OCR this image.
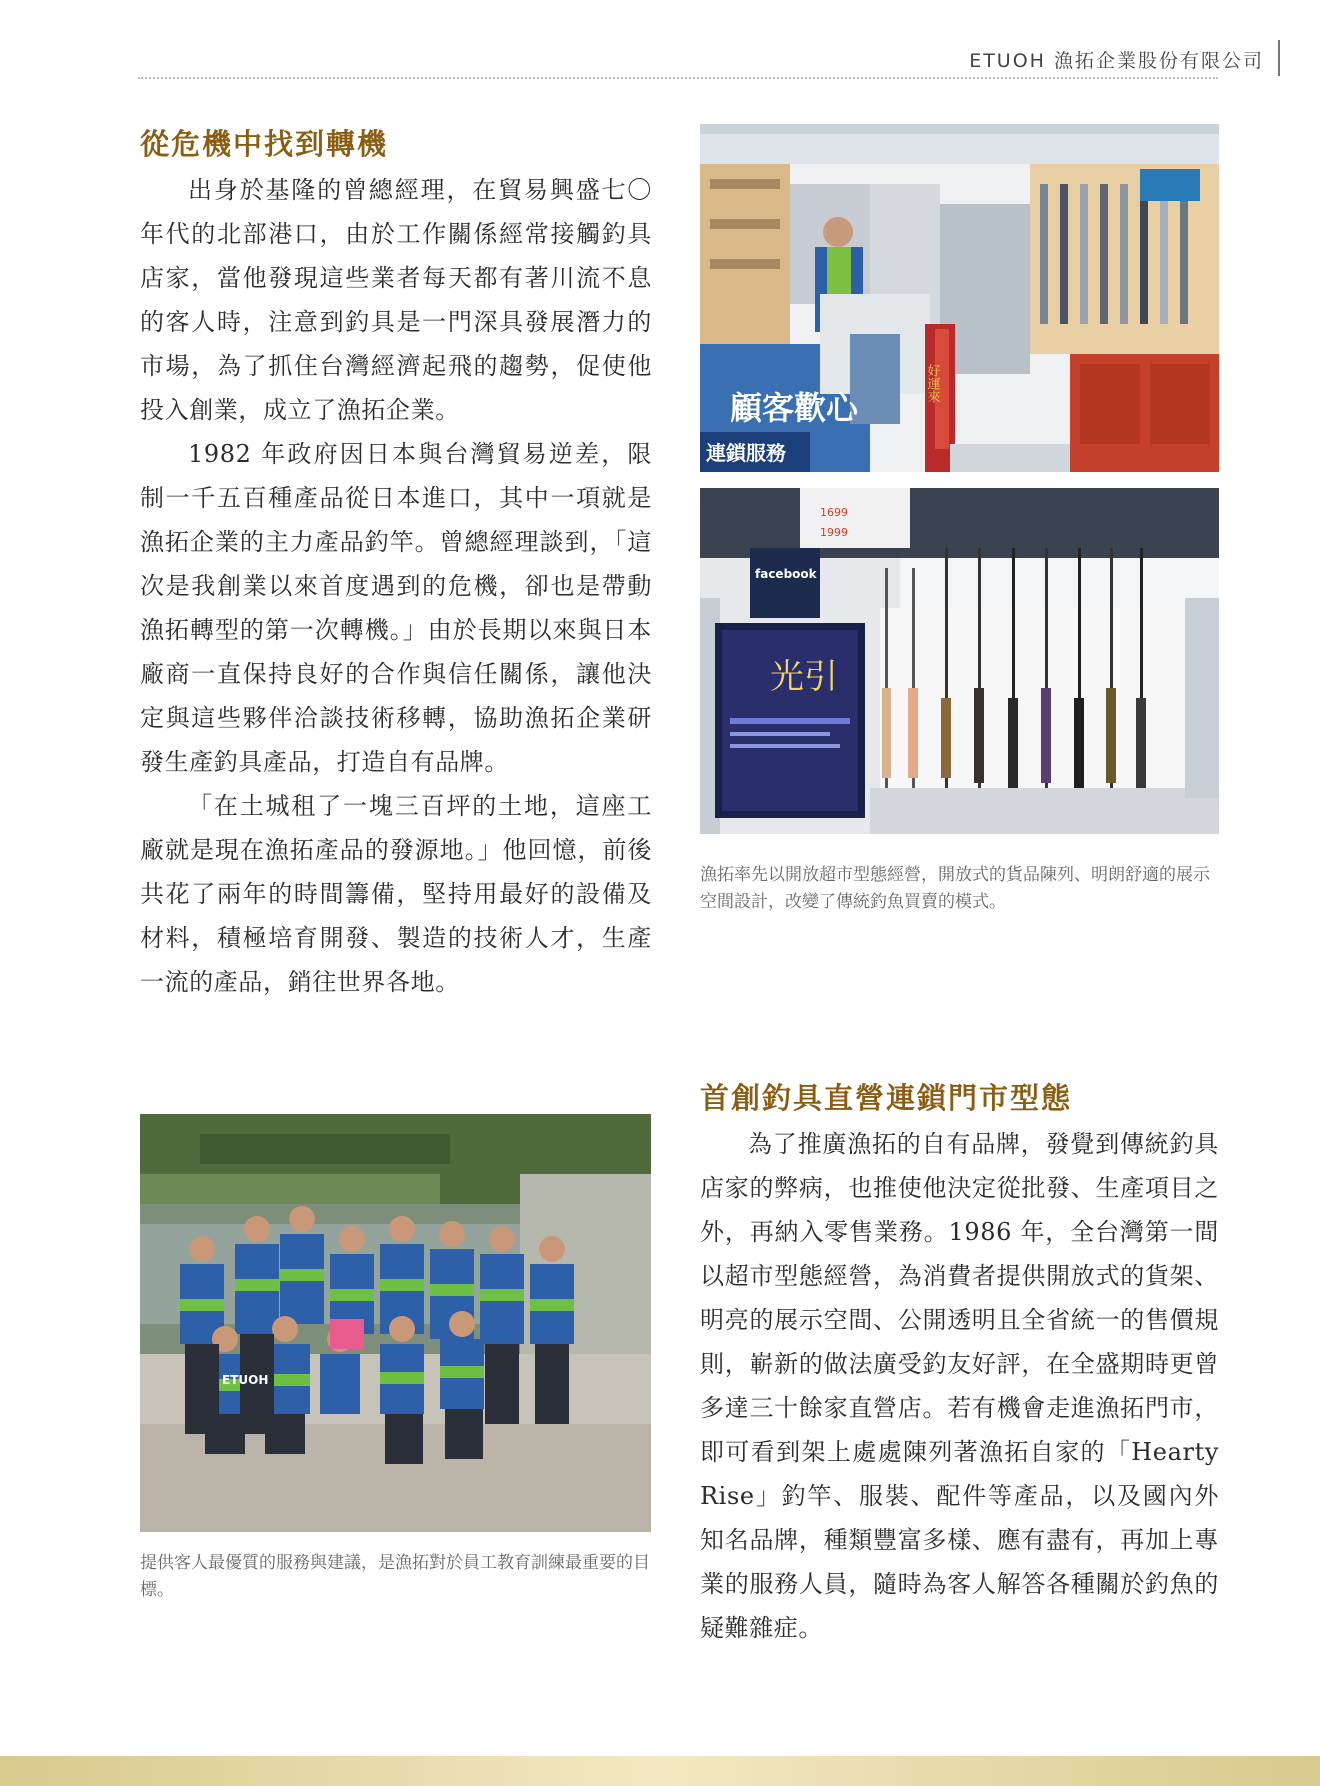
ETUOH 漁拓企業股份有限公司
從危機中找到轉機

出身於基隆的曾總經理，在貿易興盛七〇年代的北部港口，由於工作關係經常接觸釣具店家，當他發現這些業者每天都有著川流不息的客人時，注意到釣具是一門深具發展潛力的市場，為了抓住台灣經濟起飛的趨勢，促使他投入創業，成立了漁拓企業。

1982 年政府因日本與台灣貿易逆差，限制一千五百種產品從日本進口，其中一項就是漁拓企業的主力產品釣竿。曾總經理談到，「這次是我創業以來首度遇到的危機，卻也是帶動漁拓轉型的第一次轉機。」由於長期以來與日本廠商一直保持良好的合作與信任關係，讓他決定與這些夥伴洽談技術移轉，協助漁拓企業研發生產釣具產品，打造自有品牌。

「在土城租了一塊三百坪的土地，這座工廠就是現在漁拓產品的發源地。」他回憶，前後共花了兩年的時間籌備，堅持用最好的設備及材料，積極培育開發、製造的技術人才，生產一流的產品，銷往世界各地。

顧客歡心
連鎖服務
好運來
1699
1999
facebook
光引

漁拓率先以開放超市型態經營，開放式的貨品陳列、明朗舒適的展示空間設計，改變了傳統釣魚買賣的模式。

ETUOH

提供客人最優質的服務與建議，是漁拓對於員工教育訓練最重要的目標。

首創釣具直營連鎖門市型態

為了推廣漁拓的自有品牌，發覺到傳統釣具店家的弊病，也推使他決定從批發、生產項目之外，再納入零售業務。1986 年，全台灣第一間以超市型態經營，為消費者提供開放式的貨架、明亮的展示空間、公開透明且全省統一的售價規則，嶄新的做法廣受釣友好評，在全盛期時更曾多達三十餘家直營店。若有機會走進漁拓門市，即可看到架上處處陳列著漁拓自家的「Hearty Rise」釣竿、服裝、配件等產品，以及國內外知名品牌，種類豐富多樣、應有盡有，再加上專業的服務人員，隨時為客人解答各種關於釣魚的疑難雜症。
